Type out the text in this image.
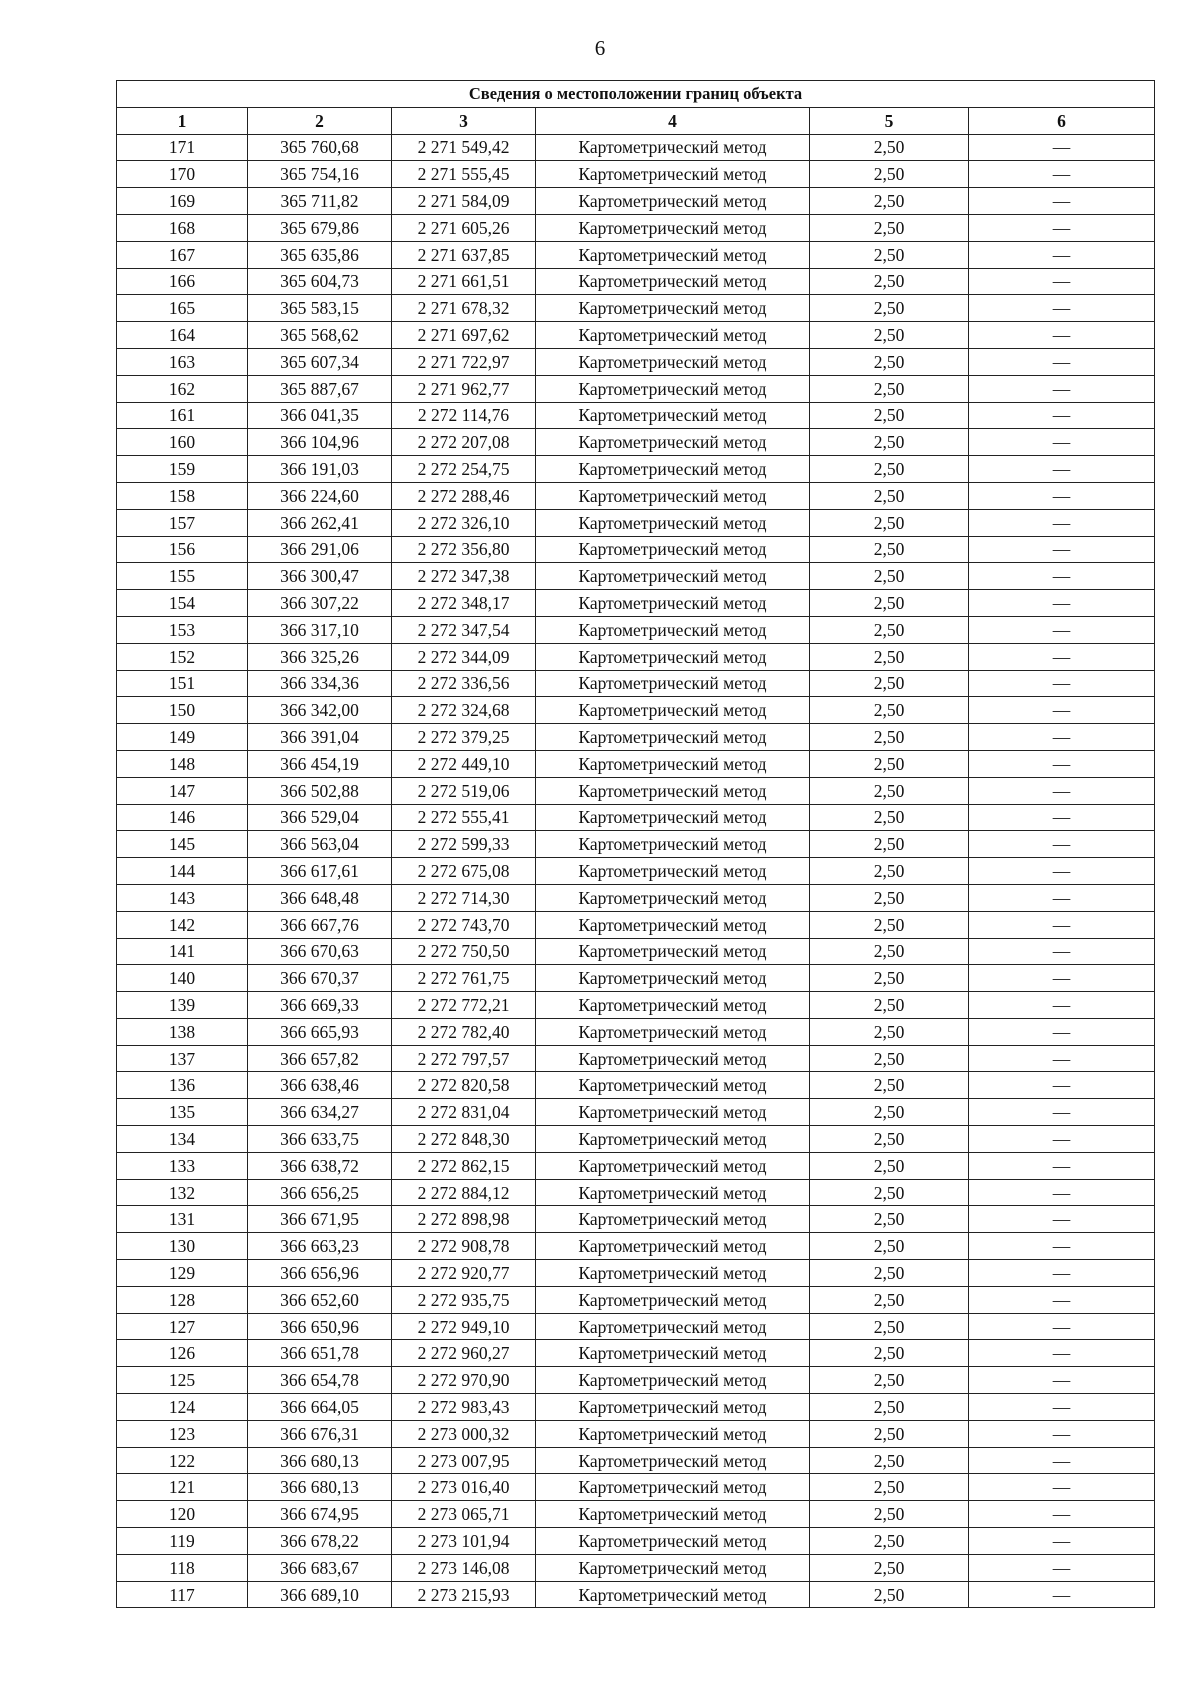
6
Сведения о местоположении границ объекта					
1	2	3	4	5	6
171	365 760,68	2 271 549,42	Картометрический метод	2,50	—
170	365 754,16	2 271 555,45	Картометрический метод	2,50	—
169	365 711,82	2 271 584,09	Картометрический метод	2,50	—
168	365 679,86	2 271 605,26	Картометрический метод	2,50	—
167	365 635,86	2 271 637,85	Картометрический метод	2,50	—
166	365 604,73	2 271 661,51	Картометрический метод	2,50	—
165	365 583,15	2 271 678,32	Картометрический метод	2,50	—
164	365 568,62	2 271 697,62	Картометрический метод	2,50	—
163	365 607,34	2 271 722,97	Картометрический метод	2,50	—
162	365 887,67	2 271 962,77	Картометрический метод	2,50	—
161	366 041,35	2 272 114,76	Картометрический метод	2,50	—
160	366 104,96	2 272 207,08	Картометрический метод	2,50	—
159	366 191,03	2 272 254,75	Картометрический метод	2,50	—
158	366 224,60	2 272 288,46	Картометрический метод	2,50	—
157	366 262,41	2 272 326,10	Картометрический метод	2,50	—
156	366 291,06	2 272 356,80	Картометрический метод	2,50	—
155	366 300,47	2 272 347,38	Картометрический метод	2,50	—
154	366 307,22	2 272 348,17	Картометрический метод	2,50	—
153	366 317,10	2 272 347,54	Картометрический метод	2,50	—
152	366 325,26	2 272 344,09	Картометрический метод	2,50	—
151	366 334,36	2 272 336,56	Картометрический метод	2,50	—
150	366 342,00	2 272 324,68	Картометрический метод	2,50	—
149	366 391,04	2 272 379,25	Картометрический метод	2,50	—
148	366 454,19	2 272 449,10	Картометрический метод	2,50	—
147	366 502,88	2 272 519,06	Картометрический метод	2,50	—
146	366 529,04	2 272 555,41	Картометрический метод	2,50	—
145	366 563,04	2 272 599,33	Картометрический метод	2,50	—
144	366 617,61	2 272 675,08	Картометрический метод	2,50	—
143	366 648,48	2 272 714,30	Картометрический метод	2,50	—
142	366 667,76	2 272 743,70	Картометрический метод	2,50	—
141	366 670,63	2 272 750,50	Картометрический метод	2,50	—
140	366 670,37	2 272 761,75	Картометрический метод	2,50	—
139	366 669,33	2 272 772,21	Картометрический метод	2,50	—
138	366 665,93	2 272 782,40	Картометрический метод	2,50	—
137	366 657,82	2 272 797,57	Картометрический метод	2,50	—
136	366 638,46	2 272 820,58	Картометрический метод	2,50	—
135	366 634,27	2 272 831,04	Картометрический метод	2,50	—
134	366 633,75	2 272 848,30	Картометрический метод	2,50	—
133	366 638,72	2 272 862,15	Картометрический метод	2,50	—
132	366 656,25	2 272 884,12	Картометрический метод	2,50	—
131	366 671,95	2 272 898,98	Картометрический метод	2,50	—
130	366 663,23	2 272 908,78	Картометрический метод	2,50	—
129	366 656,96	2 272 920,77	Картометрический метод	2,50	—
128	366 652,60	2 272 935,75	Картометрический метод	2,50	—
127	366 650,96	2 272 949,10	Картометрический метод	2,50	—
126	366 651,78	2 272 960,27	Картометрический метод	2,50	—
125	366 654,78	2 272 970,90	Картометрический метод	2,50	—
124	366 664,05	2 272 983,43	Картометрический метод	2,50	—
123	366 676,31	2 273 000,32	Картометрический метод	2,50	—
122	366 680,13	2 273 007,95	Картометрический метод	2,50	—
121	366 680,13	2 273 016,40	Картометрический метод	2,50	—
120	366 674,95	2 273 065,71	Картометрический метод	2,50	—
119	366 678,22	2 273 101,94	Картометрический метод	2,50	—
118	366 683,67	2 273 146,08	Картометрический метод	2,50	—
117	366 689,10	2 273 215,93	Картометрический метод	2,50	—
